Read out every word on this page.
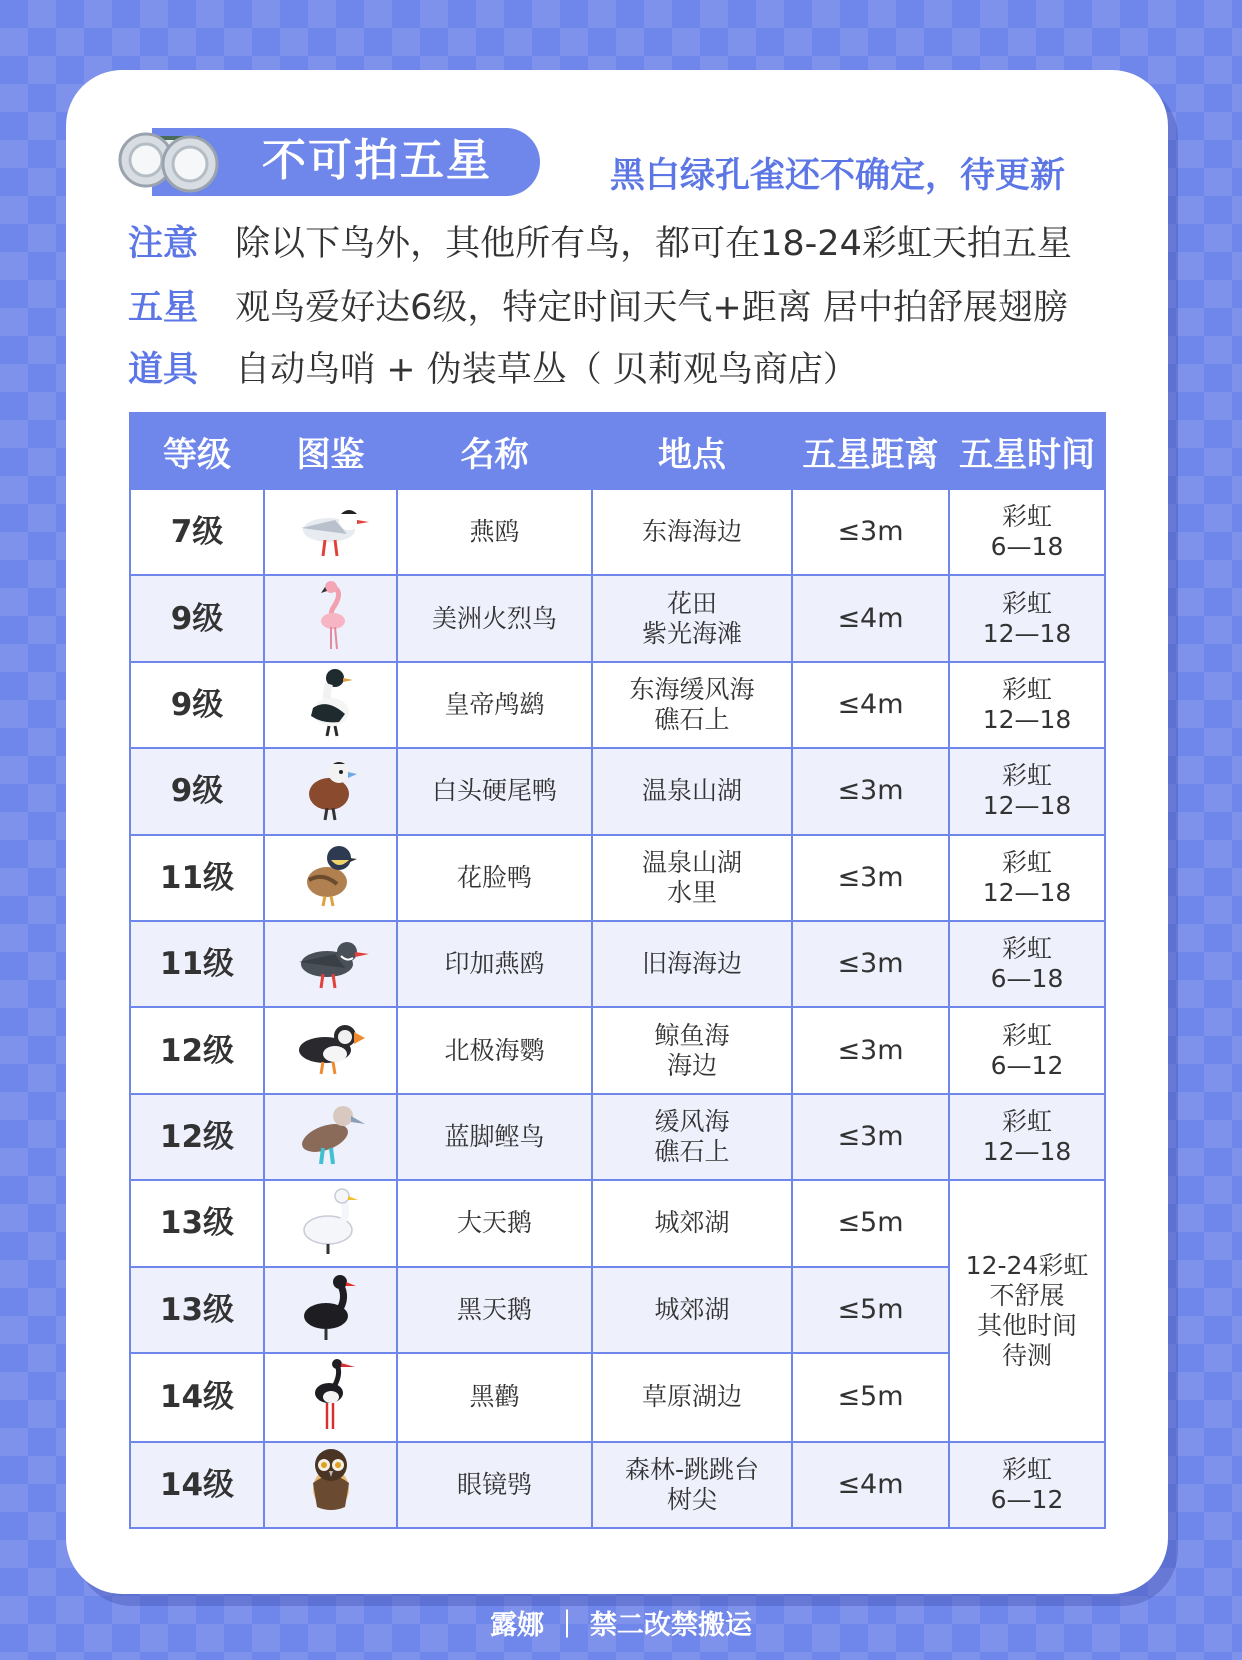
不可拍五星	黑白绿孔雀还不确定，待更新
注意 除以下鸟外，其他所有鸟，都可在18-24彩虹天拍五星
五星 观鸟爱好达6级，特定时间天气+距离 居中拍舒展翅膀
道具 自动鸟哨 + 伪装草丛（ 贝莉观鸟商店）
等级	图鉴	名称	地点	五星距离	五星时间
7级		燕鸥	东海海边	≤3m	彩虹
6—18
9级		美洲火烈鸟	花田
紫光海滩	≤4m	彩虹
12—18
9级		皇帝鸬鹚	东海缓风海
礁石上	≤4m	彩虹
12—18
9级		白头硬尾鸭	温泉山湖	≤3m	彩虹
12—18
11级		花脸鸭	温泉山湖
水里	≤3m	彩虹
12—18
11级		印加燕鸥	旧海海边	≤3m	彩虹
6—18
12级		北极海鹦	鲸鱼海
海边	≤3m	彩虹
6—12
12级		蓝脚鲣鸟	缓风海
礁石上	≤3m	彩虹
12—18
13级		大天鹅	城郊湖	≤5m	12-24彩虹
不舒展
其他时间
待测
13级		黑天鹅	城郊湖	≤5m	
14级		黑鹳	草原湖边	≤5m	
14级		眼镜鸮	森林-跳跳台
树尖	≤4m	彩虹
6—12
露娜 ｜ 禁二改禁搬运
